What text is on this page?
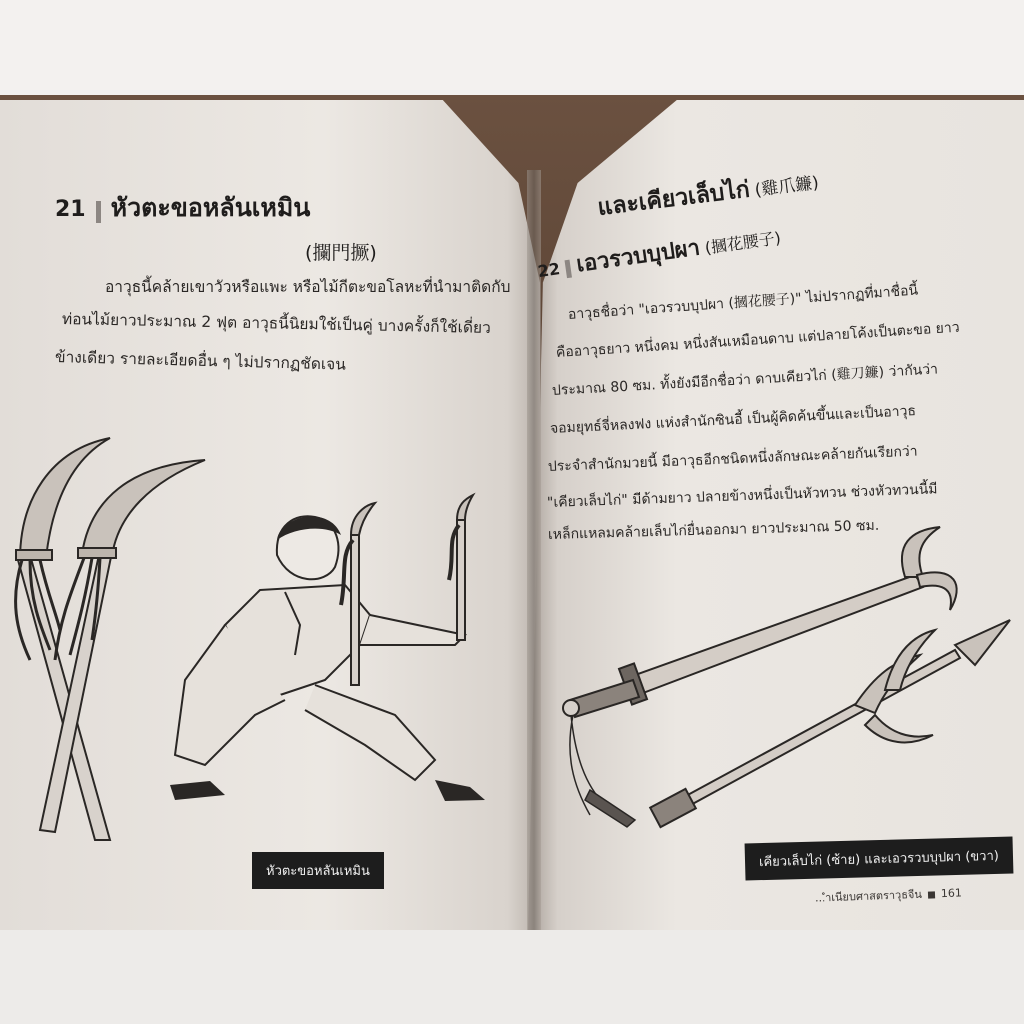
21 หัวตะขอหลันเหมิน
(攔門撅)
อาวุธนี้คล้ายเขาวัวหรือแพะ หรือไม้กีตะขอโลหะที่นำมาติดกับ
ท่อนไม้ยาวประมาณ 2 ฟุต อาวุธนี้นิยมใช้เป็นคู่ บางครั้งก็ใช้เดี่ยว
ข้างเดียว รายละเอียดอื่น ๆ ไม่ปรากฏชัดเจน
หัวตะขอหลันเหมิน
และเคียวเล็บไก่ (雞爪鐮)
22 เอวรวบบุปผา (摑花腰子)
อาวุธชื่อว่า "เอวรวบบุปผา (摑花腰子)" ไม่ปรากฏที่มาชื่อนี้
คืออาวุธยาว หนึ่งคม หนึ่งสันเหมือนดาบ แต่ปลายโค้งเป็นตะขอ ยาว
ประมาณ 80 ซม. ทั้งยังมีอีกชื่อว่า ดาบเคียวไก่ (雞刀鐮) ว่ากันว่า
จอมยุทธ์จี่หลงฟง แห่งสำนักซินอี้ เป็นผู้คิดค้นขึ้นและเป็นอาวุธ
ประจำสำนักมวยนี้ มีอาวุธอีกชนิดหนึ่งลักษณะคล้ายกันเรียกว่า
"เคียวเล็บไก่" มีด้ามยาว ปลายข้างหนึ่งเป็นหัวทวน ช่วงหัวทวนนี้มี
เหล็กแหลมคล้ายเล็บไก่ยื่นออกมา ยาวประมาณ 50 ซม.
เคียวเล็บไก่ (ซ้าย) และเอวรวบบุปผา (ขวา)
...ำเนียบศาสตราวุธจีน 161
